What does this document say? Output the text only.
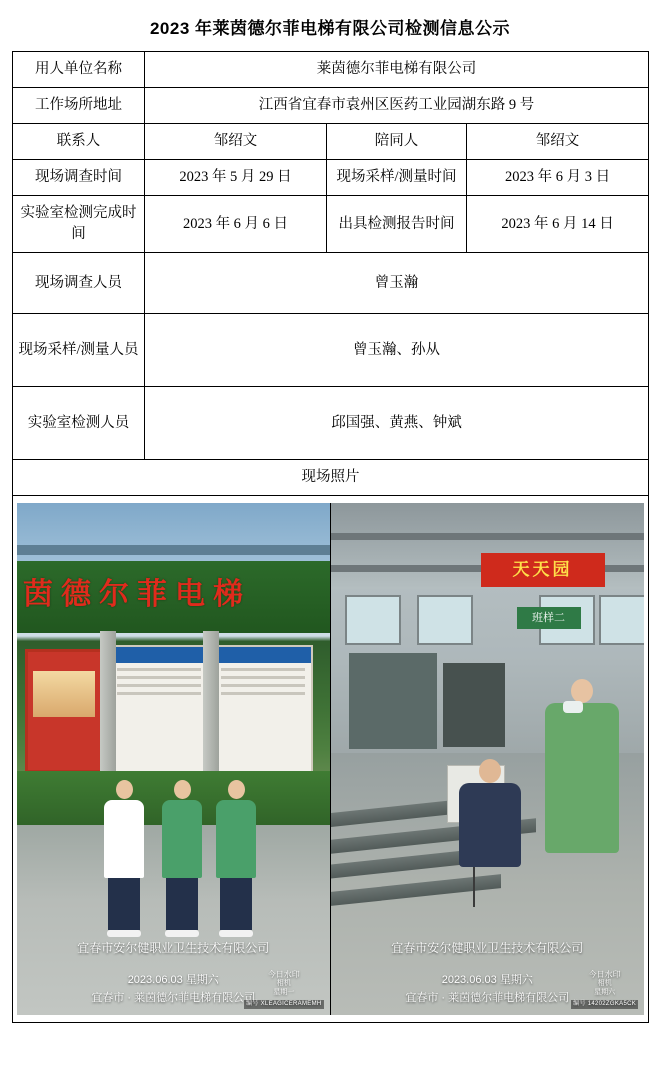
2023 年莱茵德尔菲电梯有限公司检测信息公示
用人单位名称	莱茵德尔菲电梯有限公司		
工作场所地址	江西省宜春市袁州区医药工业园湖东路 9 号		
联系人	邹绍文	陪同人	邹绍文
现场调查时间	2023 年 5 月 29 日	现场采样/测量时间	2023 年 6 月 3 日
实验室检测完成时间	2023 年 6 月 6 日	出具检测报告时间	2023 年 6 月 14 日
现场调查人员	曾玉瀚		
现场采样/测量人员	曾玉瀚、孙从		
实验室检测人员	邱国强、黄燕、钟斌		
现场照片			

茵德尔菲电梯

宜春市安尔健职业卫生技术有限公司
2023.06.03 星期六
宜春市 · 莱茵德尔菲电梯有限公司
今日水印
相机
星期一
编号 XLEAGICERAMEMH
天天园
班样二
宜春市安尔健职业卫生技术有限公司
2023.06.03 星期六
宜春市 · 莱茵德尔菲电梯有限公司
今日水印
相机
星期六
编号 14202ZGKA5CK
